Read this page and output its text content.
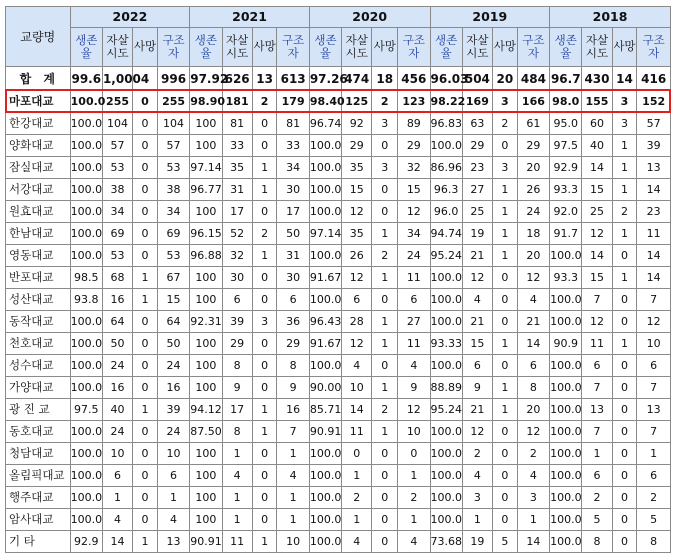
교량명	2022				2021				2020				2019				2018			
	생존율	자살시도	사망	구조자	생존율	자살시도	사망	구조자	생존율	자살시도	사망	구조자	생존율	자살시도	사망	구조자	생존율	자살시도	사망	구조자
합 계	99.6	1,000	4	996	97.92	626	13	613	97.26	474	18	456	96.03	504	20	484	96.7	430	14	416
마포대교	100.0	255	0	255	98.90	181	2	179	98.40	125	2	123	98.22	169	3	166	98.0	155	3	152
한강대교	100.0	104	0	104	100	81	0	81	96.74	92	3	89	96.83	63	2	61	95.0	60	3	57
양화대교	100.0	57	0	57	100	33	0	33	100.0	29	0	29	100.0	29	0	29	97.5	40	1	39
잠실대교	100.0	53	0	53	97.14	35	1	34	100.0	35	3	32	86.96	23	3	20	92.9	14	1	13
서강대교	100.0	38	0	38	96.77	31	1	30	100.0	15	0	15	96.3	27	1	26	93.3	15	1	14
원효대교	100.0	34	0	34	100	17	0	17	100.0	12	0	12	96.0	25	1	24	92.0	25	2	23
한남대교	100.0	69	0	69	96.15	52	2	50	97.14	35	1	34	94.74	19	1	18	91.7	12	1	11
영동대교	100.0	53	0	53	96.88	32	1	31	100.0	26	2	24	95.24	21	1	20	100.0	14	0	14
반포대교	98.5	68	1	67	100	30	0	30	91.67	12	1	11	100.0	12	0	12	93.3	15	1	14
성산대교	93.8	16	1	15	100	6	0	6	100.0	6	0	6	100.0	4	0	4	100.0	7	0	7
동작대교	100.0	64	0	64	92.31	39	3	36	96.43	28	1	27	100.0	21	0	21	100.0	12	0	12
천호대교	100.0	50	0	50	100	29	0	29	91.67	12	1	11	93.33	15	1	14	90.9	11	1	10
성수대교	100.0	24	0	24	100	8	0	8	100.0	4	0	4	100.0	6	0	6	100.0	6	0	6
가양대교	100.0	16	0	16	100	9	0	9	90.00	10	1	9	88.89	9	1	8	100.0	7	0	7
광 진 교	97.5	40	1	39	94.12	17	1	16	85.71	14	2	12	95.24	21	1	20	100.0	13	0	13
동호대교	100.0	24	0	24	87.50	8	1	7	90.91	11	1	10	100.0	12	0	12	100.0	7	0	7
청담대교	100.0	10	0	10	100	1	0	1	100.0	0	0	0	100.0	2	0	2	100.0	1	0	1
올림픽대교	100.0	6	0	6	100	4	0	4	100.0	1	0	1	100.0	4	0	4	100.0	6	0	6
행주대교	100.0	1	0	1	100	1	0	1	100.0	2	0	2	100.0	3	0	3	100.0	2	0	2
암사대교	100.0	4	0	4	100	1	0	1	100.0	1	0	1	100.0	1	0	1	100.0	5	0	5
기 타	92.9	14	1	13	90.91	11	1	10	100.0	4	0	4	73.68	19	5	14	100.0	8	0	8
